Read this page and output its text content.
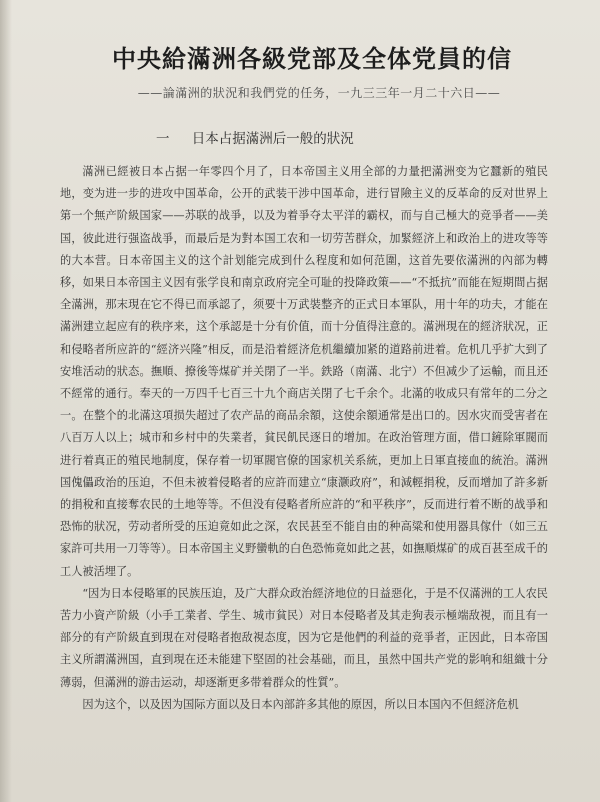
中央給滿洲各級党部及全体党員的信
——論滿洲的狀況和我們党的任务，一九三三年一月二十六日——
一 日本占据滿洲后一般的狀況

滿洲已經被日本占据一年零四个月了，日本帝国主义用全部的力量把滿洲变为它蠶新的殖民地，变为进一步的进攻中国革命，公开的武装干涉中国革命，进行冒險主义的反革命的反对世界上第一个無产阶級国家——苏联的战爭，以及为着爭夺太平洋的霸权，而与自己極大的竞爭者——美国，彼此进行强盗战爭，而最后是为對本国工农和一切劳苦群众，加緊經济上和政治上的进攻等等的大本营。日本帝国主义的这个計划能完成到什么程度和如何范圍，这首先要依滿洲的內部为轉移，如果日本帝国主义因有张学良和南京政府完全可耻的投降政策——“不抵抗”而能在短期間占据全滿洲，那末現在它不得已而承認了，须要十万武裝整齐的正式日本軍队，用十年的功夫，才能在滿洲建立起应有的秩序来，这个承認是十分有价值，而十分值得注意的。滿洲現在的經济狀况，正和侵略者所应許的“經济兴隆”相反，而是沿着經济危机繼續加紧的道路前进着。危机几乎扩大到了安堆活动的狀态。撫順、撩後等煤矿并关閉了一半。鉄路（南滿、北宁）不但减少了运輸，而且还不經常的通行。奉天的一万四千七百三十九个商店关閉了七千余个。北滿的收成只有常年的二分之一。在整个的北滿这項损失超过了农产品的商品余額，这使余額通常是出口的。因水灾而受害者在八百万人以上；城市和乡村中的失業者，貧民飢民逐日的增加。在政治管理方面，借口鏟除軍閥而进行着真正的殖民地制度，保存着一切軍閥官僚的国家机关系統，更加上日軍直接血的統治。滿洲国傀儡政治的压迫，不但未被着侵略者的应許而建立“康灏政府”，和減輕捐稅，反而增加了許多新的捐稅和直接奪农民的土地等等。不但没有侵略者所应許的“和平秩序”，反而进行着不断的战爭和恐怖的狀况，劳动者所受的压迫竟如此之深，农民甚至不能自由的种高粱和使用器具傢什（如三五家許可共用一刀等等）。日本帝国主义野蠻軌的白色恐怖竟如此之甚，如撫順煤矿的成百甚至成千的工人被活埋了。

“因为日本侵略軍的民族压迫，及广大群众政治經济地位的日益惡化，于是不仅滿洲的工人农民苦力小資产阶級（小手工業者、学生、城市貧民）对日本侵略者及其走狗表示極端敌視，而且有一部分的有产阶級直到現在对侵略者抱敌視态度，因为它是他們的利益的竞爭者，正因此，日本帝国主义所謂滿洲国，直到現在还未能建下堅固的社会基础，而且，虽然中国共产党的影响和組織十分薄弱，但滿洲的游击运动，却逐渐更多带着群众的性質”。

因为这个，以及因为国际方面以及日本內部許多其他的原因，所以日本国內不但經济危机
